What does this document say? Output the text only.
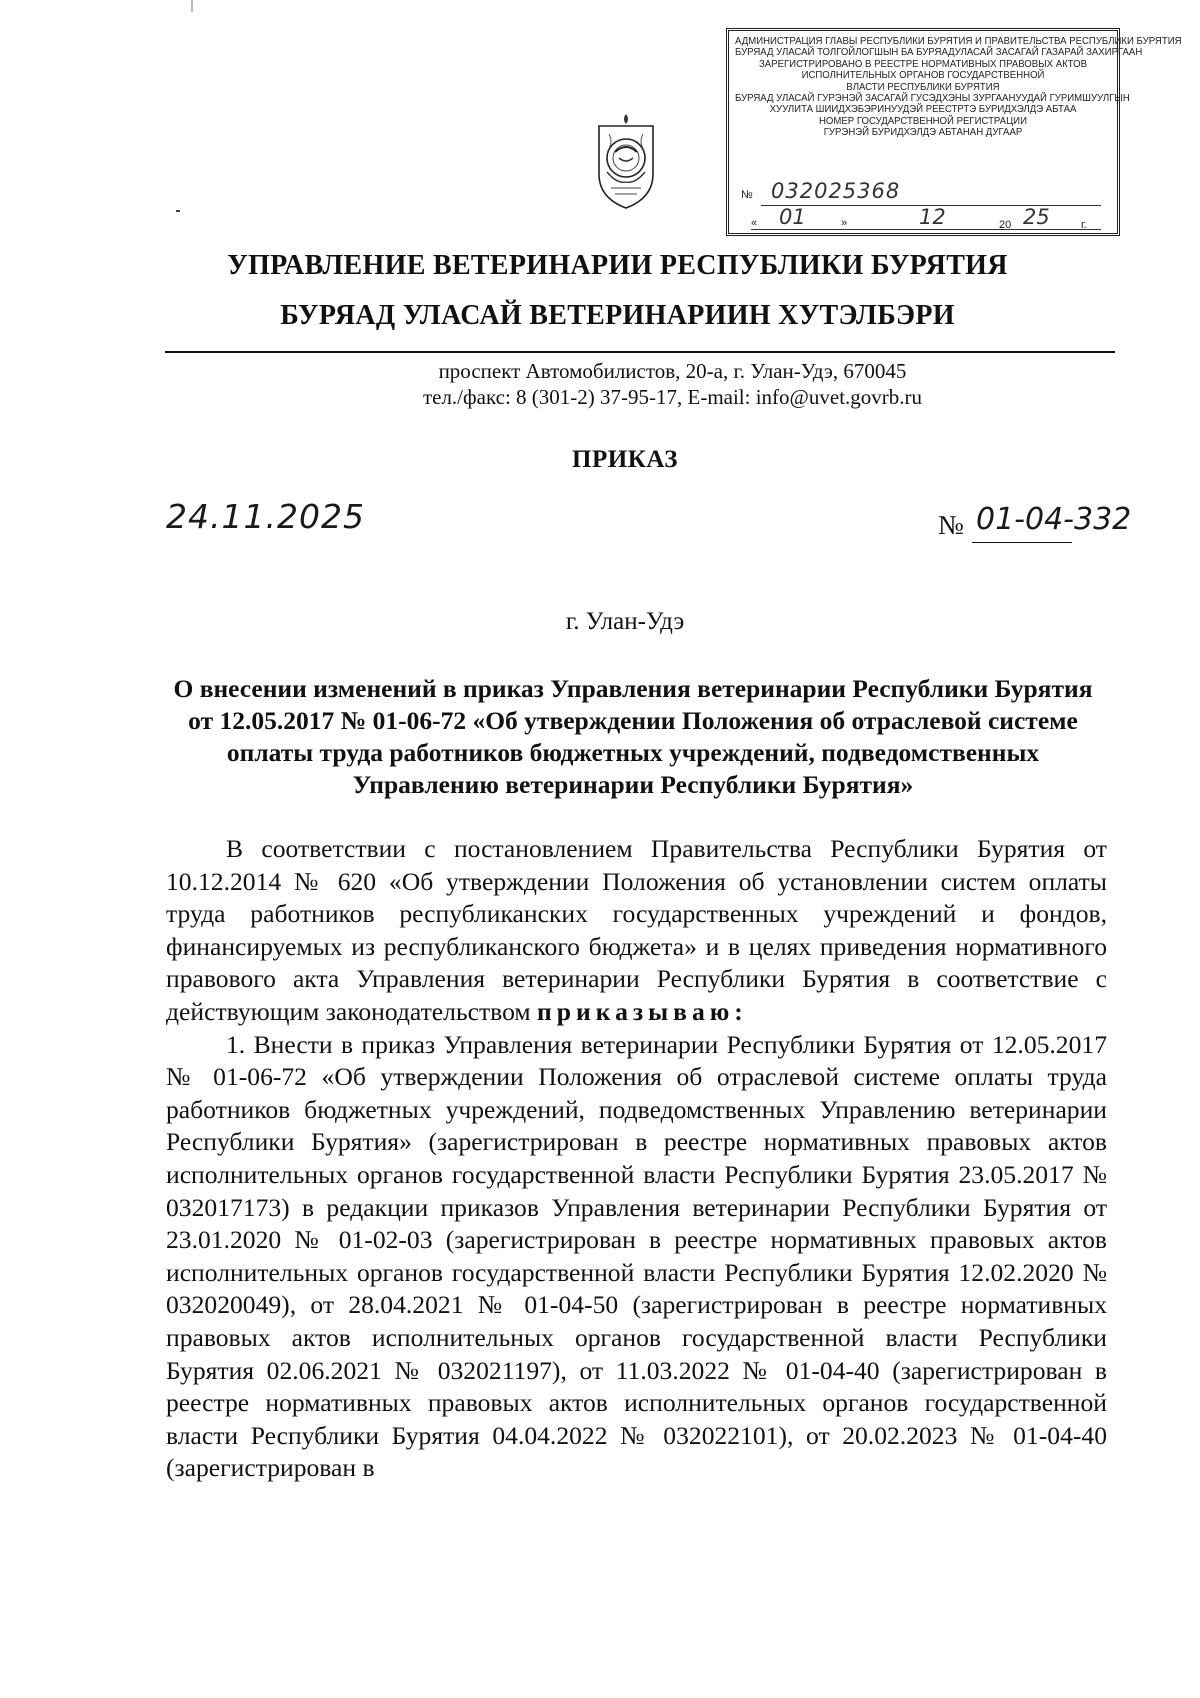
АДМИНИСТРАЦИЯ ГЛАВЫ РЕСПУБЛИКИ БУРЯТИЯ И ПРАВИТЕЛЬСТВА РЕСПУБЛИКИ БУРЯТИЯ
БУРЯАД УЛАСАЙ ТОЛГОЙЛОГШЫН БА БУРЯАДУЛАСАЙ ЗАСАГАЙ ГАЗАРАЙ ЗАХИРГААН
ЗАРЕГИСТРИРОВАНО В РЕЕСТРЕ НОРМАТИВНЫХ ПРАВОВЫХ АКТОВ
ИСПОЛНИТЕЛЬНЫХ ОРГАНОВ ГОСУДАРСТВЕННОЙ
ВЛАСТИ РЕСПУБЛИКИ БУРЯТИЯ
БУРЯАД УЛАСАЙ ГУРЭНЭЙ ЗАСАГАЙ ГУСЭДХЭНЫ ЗУРГААНУУДАЙ ГУРИМШУУЛГЫН
ХУУЛИТА ШИИДХЭБЭРИНУУДЭЙ РЕЕСТРТЭ БУРИДХЭЛДЭ АБТАА
НОМЕР ГОСУДАРСТВЕННОЙ РЕГИСТРАЦИИ
ГУРЭНЭЙ БУРИДХЭЛДЭ АБТАНАН ДУГААР
№ 032025368
« 01	»	12	20 25	г.
УПРАВЛЕНИЕ ВЕТЕРИНАРИИ РЕСПУБЛИКИ БУРЯТИЯ
БУРЯАД УЛАСАЙ ВЕТЕРИНАРИИН ХУТЭЛБЭРИ
проспект Автомобилистов, 20-а, г. Улан-Удэ, 670045
тел./факс: 8 (301-2) 37-95-17, E-mail: info@uvet.govrb.ru
ПРИКАЗ
24.11.2025	№ 01-04-332
г. Улан-Удэ
О внесении изменений в приказ Управления ветеринарии Республики Бурятия от 12.05.2017 № 01-06-72 «Об утверждении Положения об отраслевой системе оплаты труда работников бюджетных учреждений, подведомственных Управлению ветеринарии Республики Бурятия»

В соответствии с постановлением Правительства Республики Бурятия от 10.12.2014 № 620 «Об утверждении Положения об установлении систем оплаты труда работников республиканских государственных учреждений и фондов, финансируемых из республиканского бюджета» и в целях приведения нормативного правового акта Управления ветеринарии Республики Бурятия в соответствие с действующим законодательством приказываю:

1. Внести в приказ Управления ветеринарии Республики Бурятия от 12.05.2017 № 01-06-72 «Об утверждении Положения об отраслевой системе оплаты труда работников бюджетных учреждений, подведомственных Управлению ветеринарии Республики Бурятия» (зарегистрирован в реестре нормативных правовых актов исполнительных органов государственной власти Республики Бурятия 23.05.2017 № 032017173) в редакции приказов Управления ветеринарии Республики Бурятия от 23.01.2020 № 01-02-03 (зарегистрирован в реестре нормативных правовых актов исполнительных органов государственной власти Республики Бурятия 12.02.2020 № 032020049), от 28.04.2021 № 01-04-50 (зарегистрирован в реестре нормативных правовых актов исполнительных органов государственной власти Республики Бурятия 02.06.2021 № 032021197), от 11.03.2022 № 01-04-40 (зарегистрирован в реестре нормативных правовых актов исполнительных органов государственной власти Республики Бурятия 04.04.2022 № 032022101), от 20.02.2023 № 01-04-40 (зарегистрирован в
